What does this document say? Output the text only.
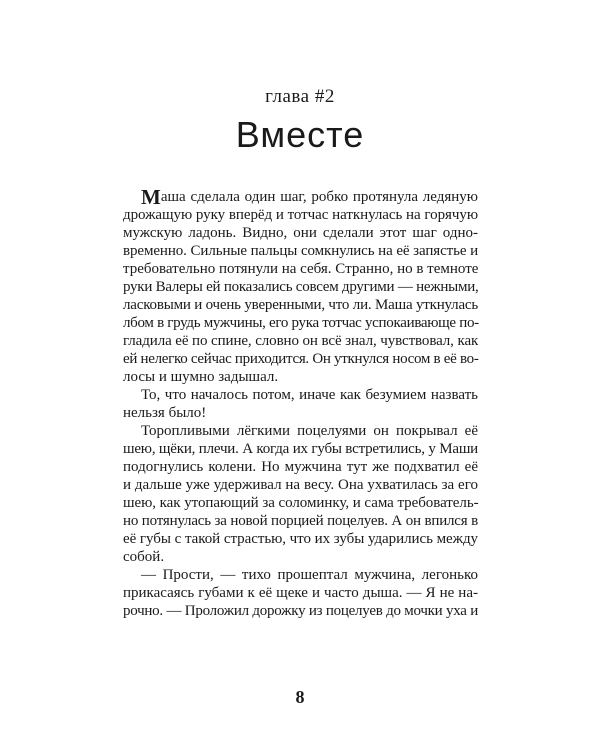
глава #2
Вместе
М аша сделала один шаг, робко протянула ледяную
дрожащую руку вперёд и тотчас наткнулась на горячую
мужскую ладонь. Видно, они сделали этот шаг одно-
временно. Сильные пальцы сомкнулись на её запястье и
требовательно потянули на себя. Странно, но в темноте
руки Валеры ей показались совсем другими — нежными,
ласковыми и очень уверенными, что ли. Маша уткнулась
лбом в грудь мужчины, его рука тотчас успокаивающе по-
гладила её по спине, словно он всё знал, чувствовал, как
ей нелегко сейчас приходится. Он уткнулся носом в её во-
лосы и шумно задышал.
То, что началось потом, иначе как безумием назвать
нельзя было!
Торопливыми лёгкими поцелуями он покрывал её
шею, щёки, плечи. А когда их губы встретились, у Маши
подогнулись колени. Но мужчина тут же подхватил её
и дальше уже удерживал на весу. Она ухватилась за его
шею, как утопающий за соломинку, и сама требователь-
но потянулась за новой порцией поцелуев. А он впился в
её губы с такой страстью, что их зубы ударились между
собой.
— Прости, — тихо прошептал мужчина, легонько
прикасаясь губами к её щеке и часто дыша. — Я не на-
рочно. — Проложил дорожку из поцелуев до мочки уха и
8
